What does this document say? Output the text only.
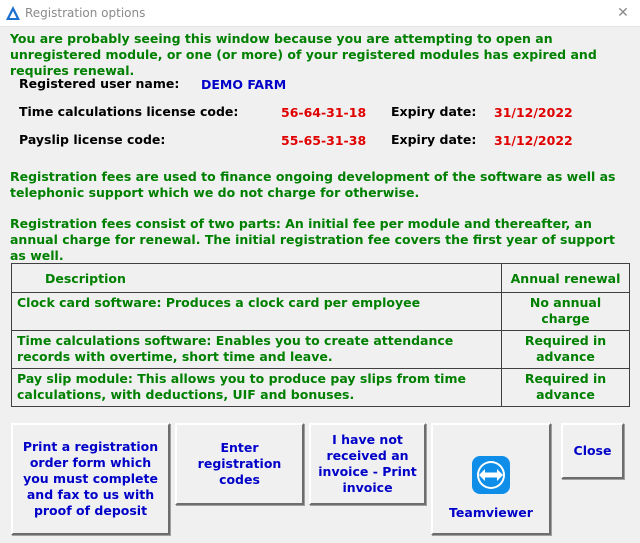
Registration options	✕
You are probably seeing this window because you are attempting to open an unregistered module, or one (or more) of your registered modules has expired and requires renewal.
Registered user name: DEMO FARM
Time calculations license code:	56-64-31-18 Expiry date: 31/12/2022
Payslip license code:	55-65-31-38 Expiry date: 31/12/2022
Registration fees are used to finance ongoing development of the software as well as telephonic support which we do not charge for otherwise.
Registration fees consist of two parts: An initial fee per module and thereafter, an annual charge for renewal. The initial registration fee covers the first year of support as well.
Description	Annual renewal
Clock card software: Produces a clock card per employee	No annual charge
Time calculations software: Enables you to create attendance records with overtime, short time and leave.	Required in advance
Pay slip module: This allows you to produce pay slips from time calculations, with deductions, UIF and bonuses.	Required in advance
Print a registration order form which you must complete and fax to us with proof of deposit
Enter registration codes
I have not received an invoice - Print invoice
Teamviewer
Close
